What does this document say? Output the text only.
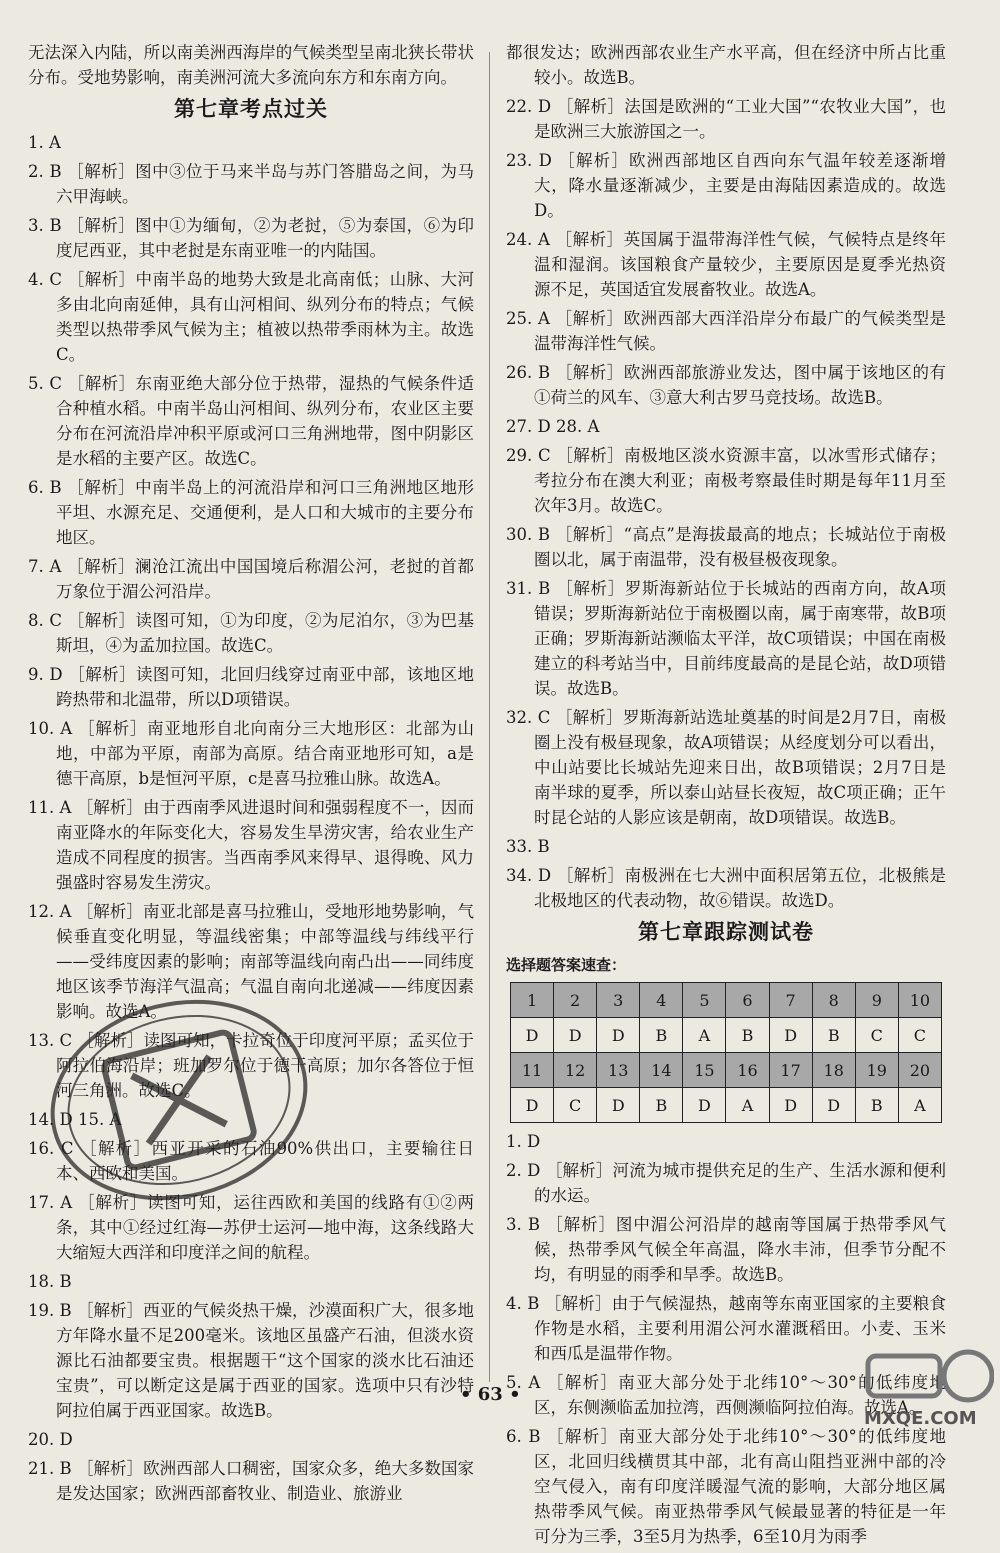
无法深入内陆，所以南美洲西海岸的气候类型呈南北狭长带状分布。受地势影响，南美洲河流大多流向东方和东南方向。

第七章考点过关

1. A

2. B ［解析］图中③位于马来半岛与苏门答腊岛之间，为马六甲海峡。

3. B ［解析］图中①为缅甸，②为老挝，⑤为泰国，⑥为印度尼西亚，其中老挝是东南亚唯一的内陆国。

4. C ［解析］中南半岛的地势大致是北高南低；山脉、大河多由北向南延伸，具有山河相间、纵列分布的特点；气候类型以热带季风气候为主；植被以热带季雨林为主。故选C。

5. C ［解析］东南亚绝大部分位于热带，湿热的气候条件适合种植水稻。中南半岛山河相间、纵列分布，农业区主要分布在河流沿岸冲积平原或河口三角洲地带，图中阴影区是水稻的主要产区。故选C。

6. B ［解析］中南半岛上的河流沿岸和河口三角洲地区地形平坦、水源充足、交通便利，是人口和大城市的主要分布地区。

7. A ［解析］澜沧江流出中国国境后称湄公河，老挝的首都万象位于湄公河沿岸。

8. C ［解析］读图可知，①为印度，②为尼泊尔，③为巴基斯坦，④为孟加拉国。故选C。

9. D ［解析］读图可知，北回归线穿过南亚中部，该地区地跨热带和北温带，所以D项错误。

10. A ［解析］南亚地形自北向南分三大地形区：北部为山地，中部为平原，南部为高原。结合南亚地形可知，a是德干高原，b是恒河平原，c是喜马拉雅山脉。故选A。

11. A ［解析］由于西南季风进退时间和强弱程度不一，因而南亚降水的年际变化大，容易发生旱涝灾害，给农业生产造成不同程度的损害。当西南季风来得早、退得晚、风力强盛时容易发生涝灾。

12. A ［解析］南亚北部是喜马拉雅山，受地形地势影响，气候垂直变化明显，等温线密集；中部等温线与纬线平行——受纬度因素的影响；南部等温线向南凸出——同纬度地区该季节海洋气温高；气温自南向北递减——纬度因素影响。故选A。

13. C ［解析］读图可知，卡拉奇位于印度河平原；孟买位于阿拉伯海沿岸；班加罗尔位于德干高原；加尔各答位于恒河三角洲。故选C。

14. D 15. A

16. C ［解析］西亚开采的石油90%供出口，主要输往日本、西欧和美国。

17. A ［解析］读图可知，运往西欧和美国的线路有①②两条，其中①经过红海—苏伊士运河—地中海，这条线路大大缩短大西洋和印度洋之间的航程。

18. B

19. B ［解析］西亚的气候炎热干燥，沙漠面积广大，很多地方年降水量不足200毫米。该地区虽盛产石油，但淡水资源比石油都要宝贵。根据题干“这个国家的淡水比石油还宝贵”，可以断定这是属于西亚的国家。选项中只有沙特阿拉伯属于西亚国家。故选B。

20. D

21. B ［解析］欧洲西部人口稠密，国家众多，绝大多数国家是发达国家；欧洲西部畜牧业、制造业、旅游业

都很发达；欧洲西部农业生产水平高，但在经济中所占比重较小。故选B。

22. D ［解析］法国是欧洲的“工业大国”“农牧业大国”，也是欧洲三大旅游国之一。

23. D ［解析］欧洲西部地区自西向东气温年较差逐渐增大，降水量逐渐减少，主要是由海陆因素造成的。故选D。

24. A ［解析］英国属于温带海洋性气候，气候特点是终年温和湿润。该国粮食产量较少，主要原因是夏季光热资源不足，英国适宜发展畜牧业。故选A。

25. A ［解析］欧洲西部大西洋沿岸分布最广的气候类型是温带海洋性气候。

26. B ［解析］欧洲西部旅游业发达，图中属于该地区的有①荷兰的风车、③意大利古罗马竞技场。故选B。

27. D 28. A

29. C ［解析］南极地区淡水资源丰富，以冰雪形式储存；考拉分布在澳大利亚；南极考察最佳时期是每年11月至次年3月。故选C。

30. B ［解析］“高点”是海拔最高的地点；长城站位于南极圈以北，属于南温带，没有极昼极夜现象。

31. B ［解析］罗斯海新站位于长城站的西南方向，故A项错误；罗斯海新站位于南极圈以南，属于南寒带，故B项正确；罗斯海新站濒临太平洋，故C项错误；中国在南极建立的科考站当中，目前纬度最高的是昆仑站，故D项错误。故选B。

32. C ［解析］罗斯海新站选址奠基的时间是2月7日，南极圈上没有极昼现象，故A项错误；从经度划分可以看出，中山站要比长城站先迎来日出，故B项错误；2月7日是南半球的夏季，所以泰山站昼长夜短，故C项正确；正午时昆仑站的人影应该是朝南，故D项错误。故选B。

33. B

34. D ［解析］南极洲在七大洲中面积居第五位，北极熊是北极地区的代表动物，故⑥错误。故选D。

第七章跟踪测试卷
选择题答案速查：
1	2	3	4	5	6	7	8	9	10
D	D	D	B	A	B	D	B	C	C
11	12	13	14	15	16	17	18	19	20
D	C	D	B	D	A	D	D	B	A

1. D

2. D ［解析］河流为城市提供充足的生产、生活水源和便利的水运。

3. B ［解析］图中湄公河沿岸的越南等国属于热带季风气候，热带季风气候全年高温，降水丰沛，但季节分配不均，有明显的雨季和旱季。故选B。

4. B ［解析］由于气候湿热，越南等东南亚国家的主要粮食作物是水稻，主要利用湄公河水灌溉稻田。小麦、玉米和西瓜是温带作物。

5. A ［解析］南亚大部分处于北纬10°～30°的低纬度地区，东侧濒临孟加拉湾，西侧濒临阿拉伯海。故选A。

6. B ［解析］南亚大部分处于北纬10°～30°的低纬度地区，北回归线横贯其中部，北有高山阻挡亚洲中部的冷空气侵入，南有印度洋暖湿气流的影响，大部分地区属热带季风气候。南亚热带季风气候最显著的特征是一年可分为三季，3至5月为热季，6至10月为雨季

• 63 •
MXQE.COM
